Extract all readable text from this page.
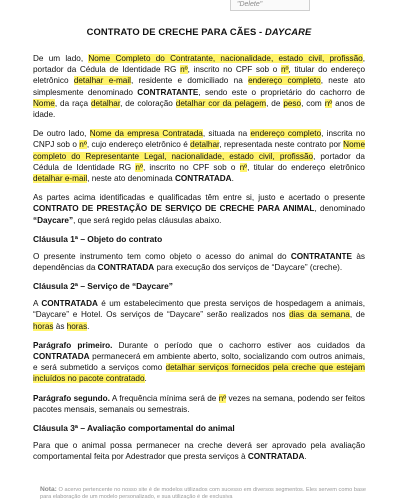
"Delete"
CONTRATO DE CRECHE PARA CÃES - DAYCARE

De um lado, Nome Completo do Contratante, nacionalidade, estado civil, profissão, portador da Cédula de Identidade RG nº, inscrito no CPF sob o nº, titular do endereço eletrônico detalhar e-mail, residente e domiciliado na endereço completo, neste ato simplesmente denominado CONTRATANTE, sendo este o proprietário do cachorro de Nome, da raça detalhar, de coloração detalhar cor da pelagem, de peso, com nº anos de idade.

De outro lado, Nome da empresa Contratada, situada na endereço completo, inscrita no CNPJ sob o nº, cujo endereço eletrônico é detalhar, representada neste contrato por Nome completo do Representante Legal, nacionalidade, estado civil, profissão, portador da Cédula de Identidade RG nº, inscrito no CPF sob o nº, titular do endereço eletrônico detalhar e-mail, neste ato denominada CONTRATADA.

As partes acima identificadas e qualificadas têm entre si, justo e acertado o presente CONTRATO DE PRESTAÇÃO DE SERVIÇO DE CRECHE PARA ANIMAL, denominado “Daycare”, que será regido pelas cláusulas abaixo.

Cláusula 1ª – Objeto do contrato

O presente instrumento tem como objeto o acesso do animal do CONTRATANTE às dependências da CONTRATADA para execução dos serviços de “Daycare” (creche).

Cláusula 2ª – Serviço de “Daycare”

A CONTRATADA é um estabelecimento que presta serviços de hospedagem a animais, “Daycare” e Hotel. Os serviços de “Daycare” serão realizados nos dias da semana, de horas às horas.

Parágrafo primeiro. Durante o período que o cachorro estiver aos cuidados da CONTRATADA permanecerá em ambiente aberto, solto, socializando com outros animais, e será submetido a serviços como detalhar serviços fornecidos pela creche que estejam incluídos no pacote contratado.

Parágrafo segundo. A frequência mínima será de nº vezes na semana, podendo ser feitos pacotes mensais, semanais ou semestrais.

Cláusula 3ª – Avaliação comportamental do animal

Para que o animal possa permanecer na creche deverá ser aprovado pela avaliação comportamental feita por Adestrador que presta serviços à CONTRATADA.

Nota: O acervo pertencente no nosso site é de modelos utilizados com sucesso em diversos segmentos. Eles servem como base para elaboração de um modelo personalizado, e sua utilização é de exclusiva
